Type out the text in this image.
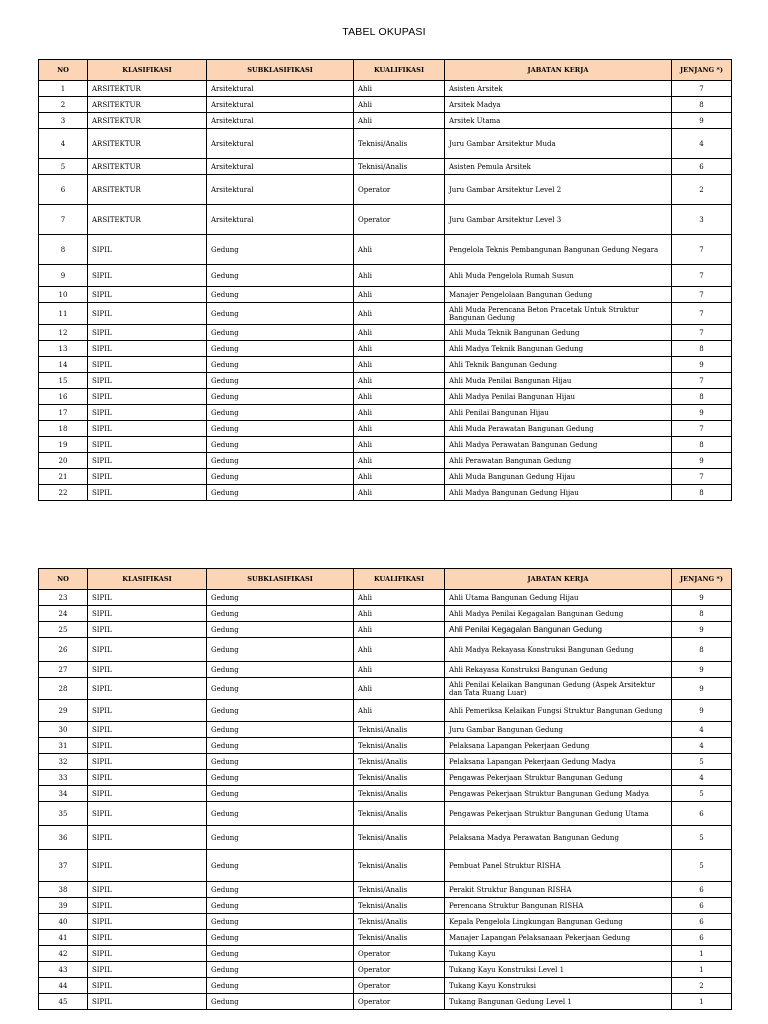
TABEL OKUPASI
NO	KLASIFIKASI	SUBKLASIFIKASI	KUALIFIKASI	JABATAN KERJA	JENJANG *)
1	ARSITEKTUR	Arsitektural	Ahli	Asisten Arsitek	7
2	ARSITEKTUR	Arsitektural	Ahli	Arsitek Madya	8
3	ARSITEKTUR	Arsitektural	Ahli	Arsitek Utama	9
4	ARSITEKTUR	Arsitektural	Teknisi/Analis	Juru Gambar Arsitektur Muda	4
5	ARSITEKTUR	Arsitektural	Teknisi/Analis	Asisten Pemula Arsitek	6
6	ARSITEKTUR	Arsitektural	Operator	Juru Gambar Arsitektur Level 2	2
7	ARSITEKTUR	Arsitektural	Operator	Juru Gambar Arsitektur Level 3	3
8	SIPIL	Gedung	Ahli	Pengelola Teknis Pembangunan Bangunan Gedung Negara	7
9	SIPIL	Gedung	Ahli	Ahli Muda Pengelola Rumah Susun	7
10	SIPIL	Gedung	Ahli	Manajer Pengelolaan Bangunan Gedung	7
11	SIPIL	Gedung	Ahli	Ahli Muda Perencana Beton Pracetak Untuk Struktur Bangunan Gedung	7
12	SIPIL	Gedung	Ahli	Ahli Muda Teknik Bangunan Gedung	7
13	SIPIL	Gedung	Ahli	Ahli Madya Teknik Bangunan Gedung	8
14	SIPIL	Gedung	Ahli	Ahli Teknik Bangunan Gedung	9
15	SIPIL	Gedung	Ahli	Ahli Muda Penilai Bangunan Hijau	7
16	SIPIL	Gedung	Ahli	Ahli Madya Penilai Bangunan Hijau	8
17	SIPIL	Gedung	Ahli	Ahli Penilai Bangunan Hijau	9
18	SIPIL	Gedung	Ahli	Ahli Muda Perawatan Bangunan Gedung	7
19	SIPIL	Gedung	Ahli	Ahli Madya Perawatan Bangunan Gedung	8
20	SIPIL	Gedung	Ahli	Ahli Perawatan Bangunan Gedung	9
21	SIPIL	Gedung	Ahli	Ahli Muda Bangunan Gedung Hijau	7
22	SIPIL	Gedung	Ahli	Ahli Madya Bangunan Gedung Hijau	8
NO	KLASIFIKASI	SUBKLASIFIKASI	KUALIFIKASI	JABATAN KERJA	JENJANG *)
23	SIPIL	Gedung	Ahli	Ahli Utama Bangunan Gedung Hijau	9
24	SIPIL	Gedung	Ahli	Ahli Madya Penilai Kegagalan Bangunan Gedung	8
25	SIPIL	Gedung	Ahli	Ahli Penilai Kegagalan Bangunan Gedung	9
26	SIPIL	Gedung	Ahli	Ahli Madya Rekayasa Konstruksi Bangunan Gedung	8
27	SIPIL	Gedung	Ahli	Ahli Rekayasa Konstruksi Bangunan Gedung	9
28	SIPIL	Gedung	Ahli	Ahli Penilai Kelaikan Bangunan Gedung (Aspek Arsitektur dan Tata Ruang Luar)	9
29	SIPIL	Gedung	Ahli	Ahli Pemeriksa Kelaikan Fungsi Struktur Bangunan Gedung	9
30	SIPIL	Gedung	Teknisi/Analis	Juru Gambar Bangunan Gedung	4
31	SIPIL	Gedung	Teknisi/Analis	Pelaksana Lapangan Pekerjaan Gedung	4
32	SIPIL	Gedung	Teknisi/Analis	Pelaksana Lapangan Pekerjaan Gedung Madya	5
33	SIPIL	Gedung	Teknisi/Analis	Pengawas Pekerjaan Struktur Bangunan Gedung	4
34	SIPIL	Gedung	Teknisi/Analis	Pengawas Pekerjaan Struktur Bangunan Gedung Madya	5
35	SIPIL	Gedung	Teknisi/Analis	Pengawas Pekerjaan Struktur Bangunan Gedung Utama	6
36	SIPIL	Gedung	Teknisi/Analis	Pelaksana Madya Perawatan Bangunan Gedung	5
37	SIPIL	Gedung	Teknisi/Analis	Pembuat Panel Struktur RISHA	5
38	SIPIL	Gedung	Teknisi/Analis	Perakit Struktur Bangunan RISHA	6
39	SIPIL	Gedung	Teknisi/Analis	Perencana Struktur Bangunan RISHA	6
40	SIPIL	Gedung	Teknisi/Analis	Kepala Pengelola Lingkungan Bangunan Gedung	6
41	SIPIL	Gedung	Teknisi/Analis	Manajer Lapangan Pelaksanaan Pekerjaan Gedung	6
42	SIPIL	Gedung	Operator	Tukang Kayu	1
43	SIPIL	Gedung	Operator	Tukang Kayu Konstruksi Level 1	1
44	SIPIL	Gedung	Operator	Tukang Kayu Konstruksi	2
45	SIPIL	Gedung	Operator	Tukang Bangunan Gedung Level 1	1
